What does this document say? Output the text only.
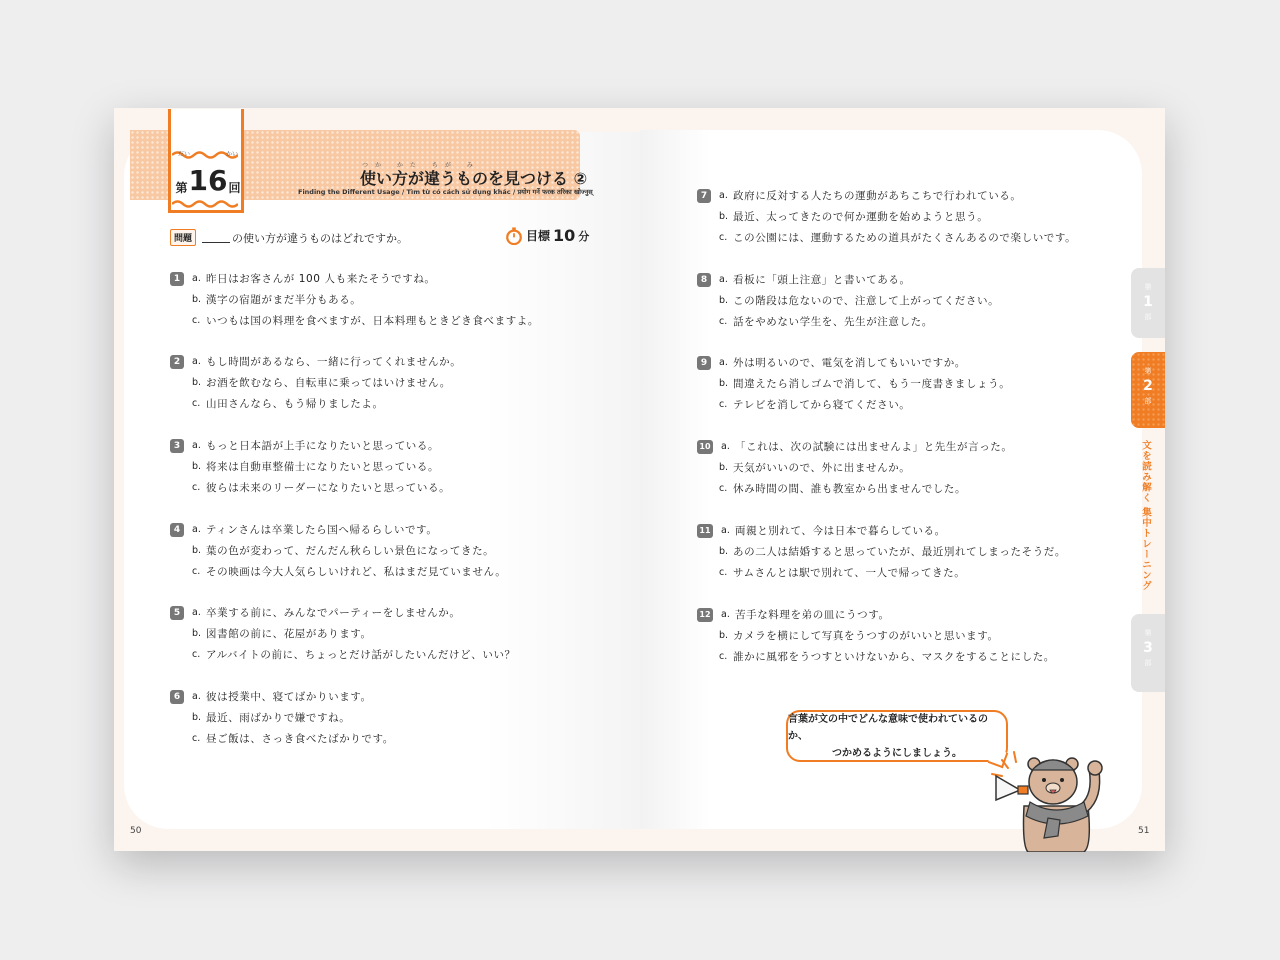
だい	かい
第 16 回
つか かた ちが み
使い方が違うものを見つける ②
Finding the Different Usage / Tìm từ có cách sử dụng khác / प्रयोग गर्ने फरक तरिका खोज्नुस्
問題	の使い方が違うものはどれですか。	目標 10 分
1	a. 昨日はお客さんが 100 人も来たそうですね。
b. 漢字の宿題がまだ半分もある。
c. いつもは国の料理を食べますが、日本料理もときどき食べますよ。
2	a. もし時間があるなら、一緒に行ってくれませんか。
b. お酒を飲むなら、自転車に乗ってはいけません。
c. 山田さんなら、もう帰りましたよ。
3	a. もっと日本語が上手になりたいと思っている。
b. 将来は自動車整備士になりたいと思っている。
c. 彼らは未来のリーダーになりたいと思っている。
4	a. ティンさんは卒業したら国へ帰るらしいです。
b. 葉の色が変わって、だんだん秋らしい景色になってきた。
c. その映画は今大人気らしいけれど、私はまだ見ていません。
5	a. 卒業する前に、みんなでパーティーをしませんか。
b. 図書館の前に、花屋があります。
c. アルバイトの前に、ちょっとだけ話がしたいんだけど、いい？
6	a. 彼は授業中、寝てばかりいます。
b. 最近、雨ばかりで嫌ですね。
c. 昼ご飯は、さっき食べたばかりです。
7	a. 政府に反対する人たちの運動があちこちで行われている。
b. 最近、太ってきたので何か運動を始めようと思う。
c. この公園には、運動するための道具がたくさんあるので楽しいです。
8	a. 看板に「頭上注意」と書いてある。
b. この階段は危ないので、注意して上がってください。
c. 話をやめない学生を、先生が注意した。
9	a. 外は明るいので、電気を消してもいいですか。
b. 間違えたら消しゴムで消して、もう一度書きましょう。
c. テレビを消してから寝てください。
10 a. 「これは、次の試験には出ませんよ」と先生が言った。
b. 天気がいいので、外に出ませんか。
c. 休み時間の間、誰も教室から出ませんでした。
11 a. 両親と別れて、今は日本で暮らしている。
b. あの二人は結婚すると思っていたが、最近別れてしまったそうだ。
c. サムさんとは駅で別れて、一人で帰ってきた。
12 a. 苦手な料理を弟の皿にうつす。
b. カメラを横にして写真をうつすのがいいと思います。
c. 誰かに風邪をうつすといけないから、マスクをすることにした。
50	51
第
1
部
第
2
部
第
3
部
文を読み解く 集中トレーニング
言葉が文の中でどんな意味で使われているのか、
つかめるようにしましょう。
